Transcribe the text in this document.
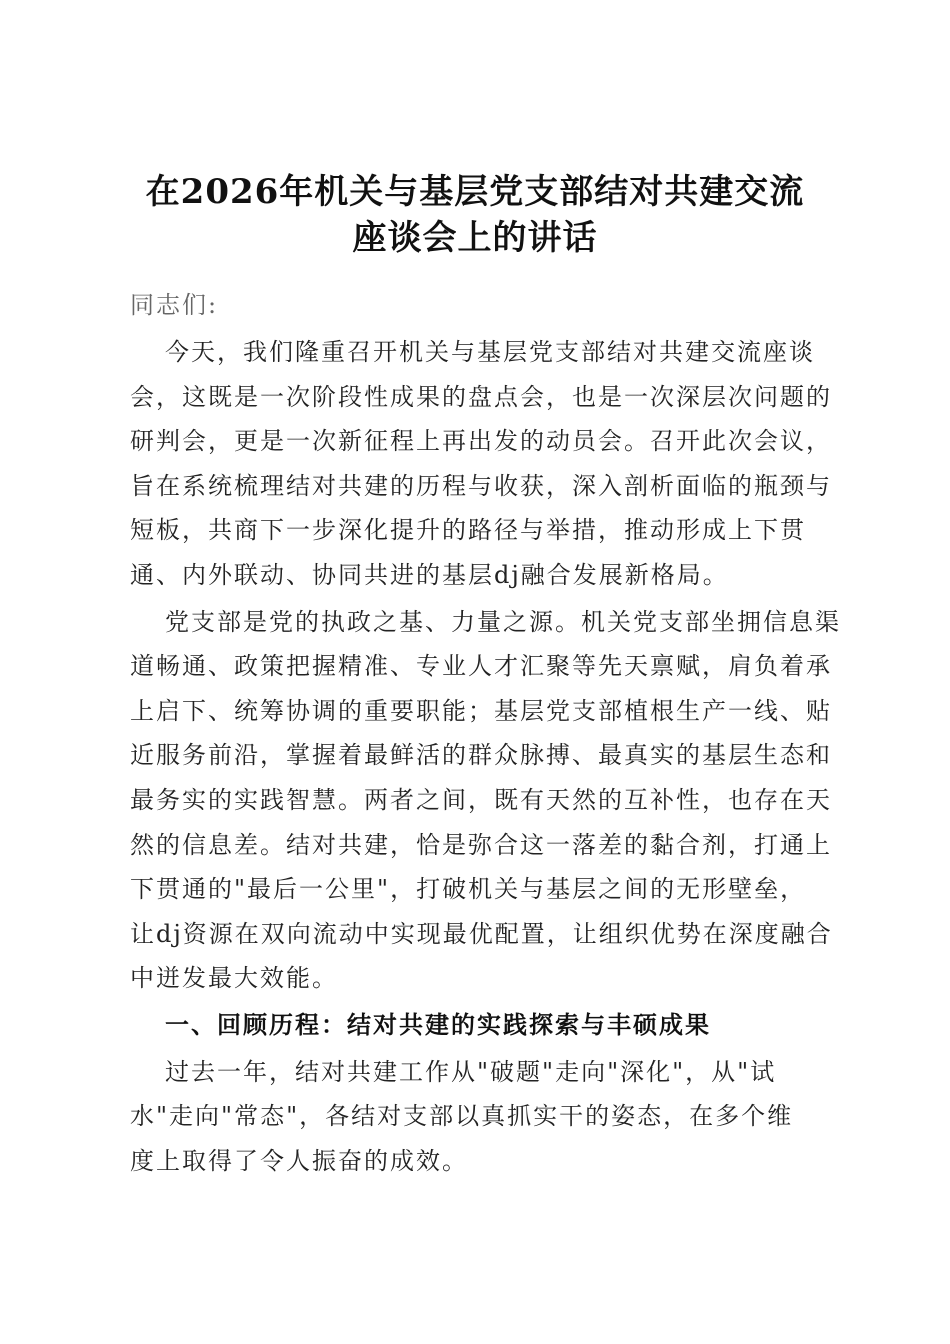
在2026年机关与基层党支部结对共建交流
座谈会上的讲话
同志们:
今天，我们隆重召开机关与基层党支部结对共建交流座谈
会，这既是一次阶段性成果的盘点会，也是一次深层次问题的
研判会，更是一次新征程上再出发的动员会。召开此次会议，
旨在系统梳理结对共建的历程与收获，深入剖析面临的瓶颈与
短板，共商下一步深化提升的路径与举措，推动形成上下贯
通、内外联动、协同共进的基层dj融合发展新格局。
党支部是党的执政之基、力量之源。机关党支部坐拥信息渠
道畅通、政策把握精准、专业人才汇聚等先天禀赋，肩负着承
上启下、统筹协调的重要职能；基层党支部植根生产一线、贴
近服务前沿，掌握着最鲜活的群众脉搏、最真实的基层生态和
最务实的实践智慧。两者之间，既有天然的互补性，也存在天
然的信息差。结对共建，恰是弥合这一落差的黏合剂，打通上
下贯通的"最后一公里"，打破机关与基层之间的无形壁垒，
让dj资源在双向流动中实现最优配置，让组织优势在深度融合
中迸发最大效能。
一、回顾历程：结对共建的实践探索与丰硕成果
过去一年，结对共建工作从"破题"走向"深化"，从"试
水"走向"常态"，各结对支部以真抓实干的姿态，在多个维
度上取得了令人振奋的成效。
